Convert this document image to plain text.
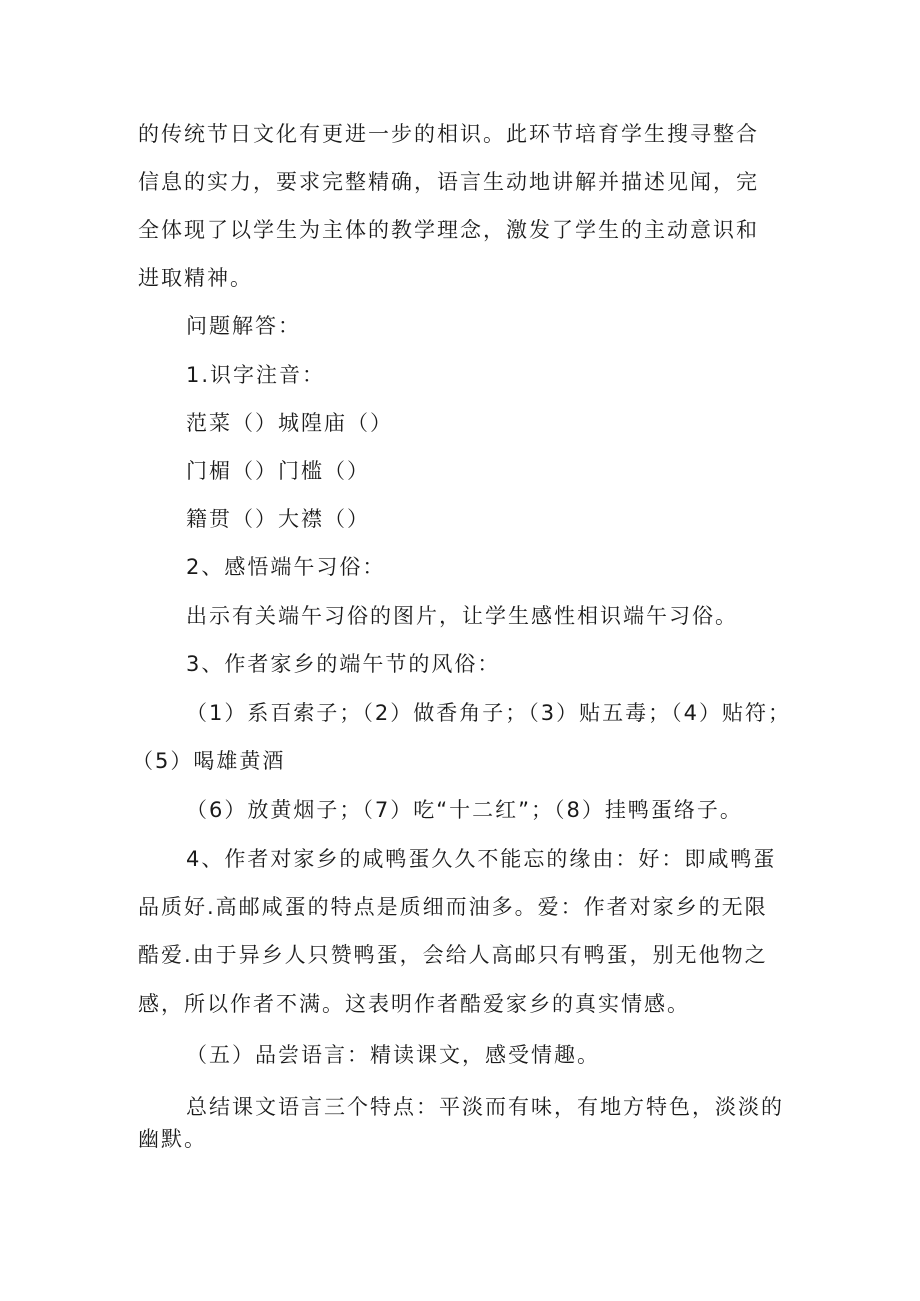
的传统节日文化有更进一步的相识。此环节培育学生搜寻整合
信息的实力，要求完整精确，语言生动地讲解并描述见闻，完
全体现了以学生为主体的教学理念，激发了学生的主动意识和
进取精神。
问题解答：
1.识字注音：
范菜（）城隍庙（）
门楣（）门槛（）
籍贯（）大襟（）
2、感悟端午习俗：
出示有关端午习俗的图片，让学生感性相识端午习俗。
3、作者家乡的端午节的风俗：
（1）系百索子；（2）做香角子；（3）贴五毒；（4）贴符；
（5）喝雄黄酒
（6）放黄烟子；（7）吃“十二红”；（8）挂鸭蛋络子。
4、作者对家乡的咸鸭蛋久久不能忘的缘由：好：即咸鸭蛋
品质好.高邮咸蛋的特点是质细而油多。爱：作者对家乡的无限
酷爱.由于异乡人只赞鸭蛋，会给人高邮只有鸭蛋，别无他物之
感，所以作者不满。这表明作者酷爱家乡的真实情感。
（五）品尝语言：精读课文，感受情趣。
总结课文语言三个特点：平淡而有味，有地方特色，淡淡的
幽默。
